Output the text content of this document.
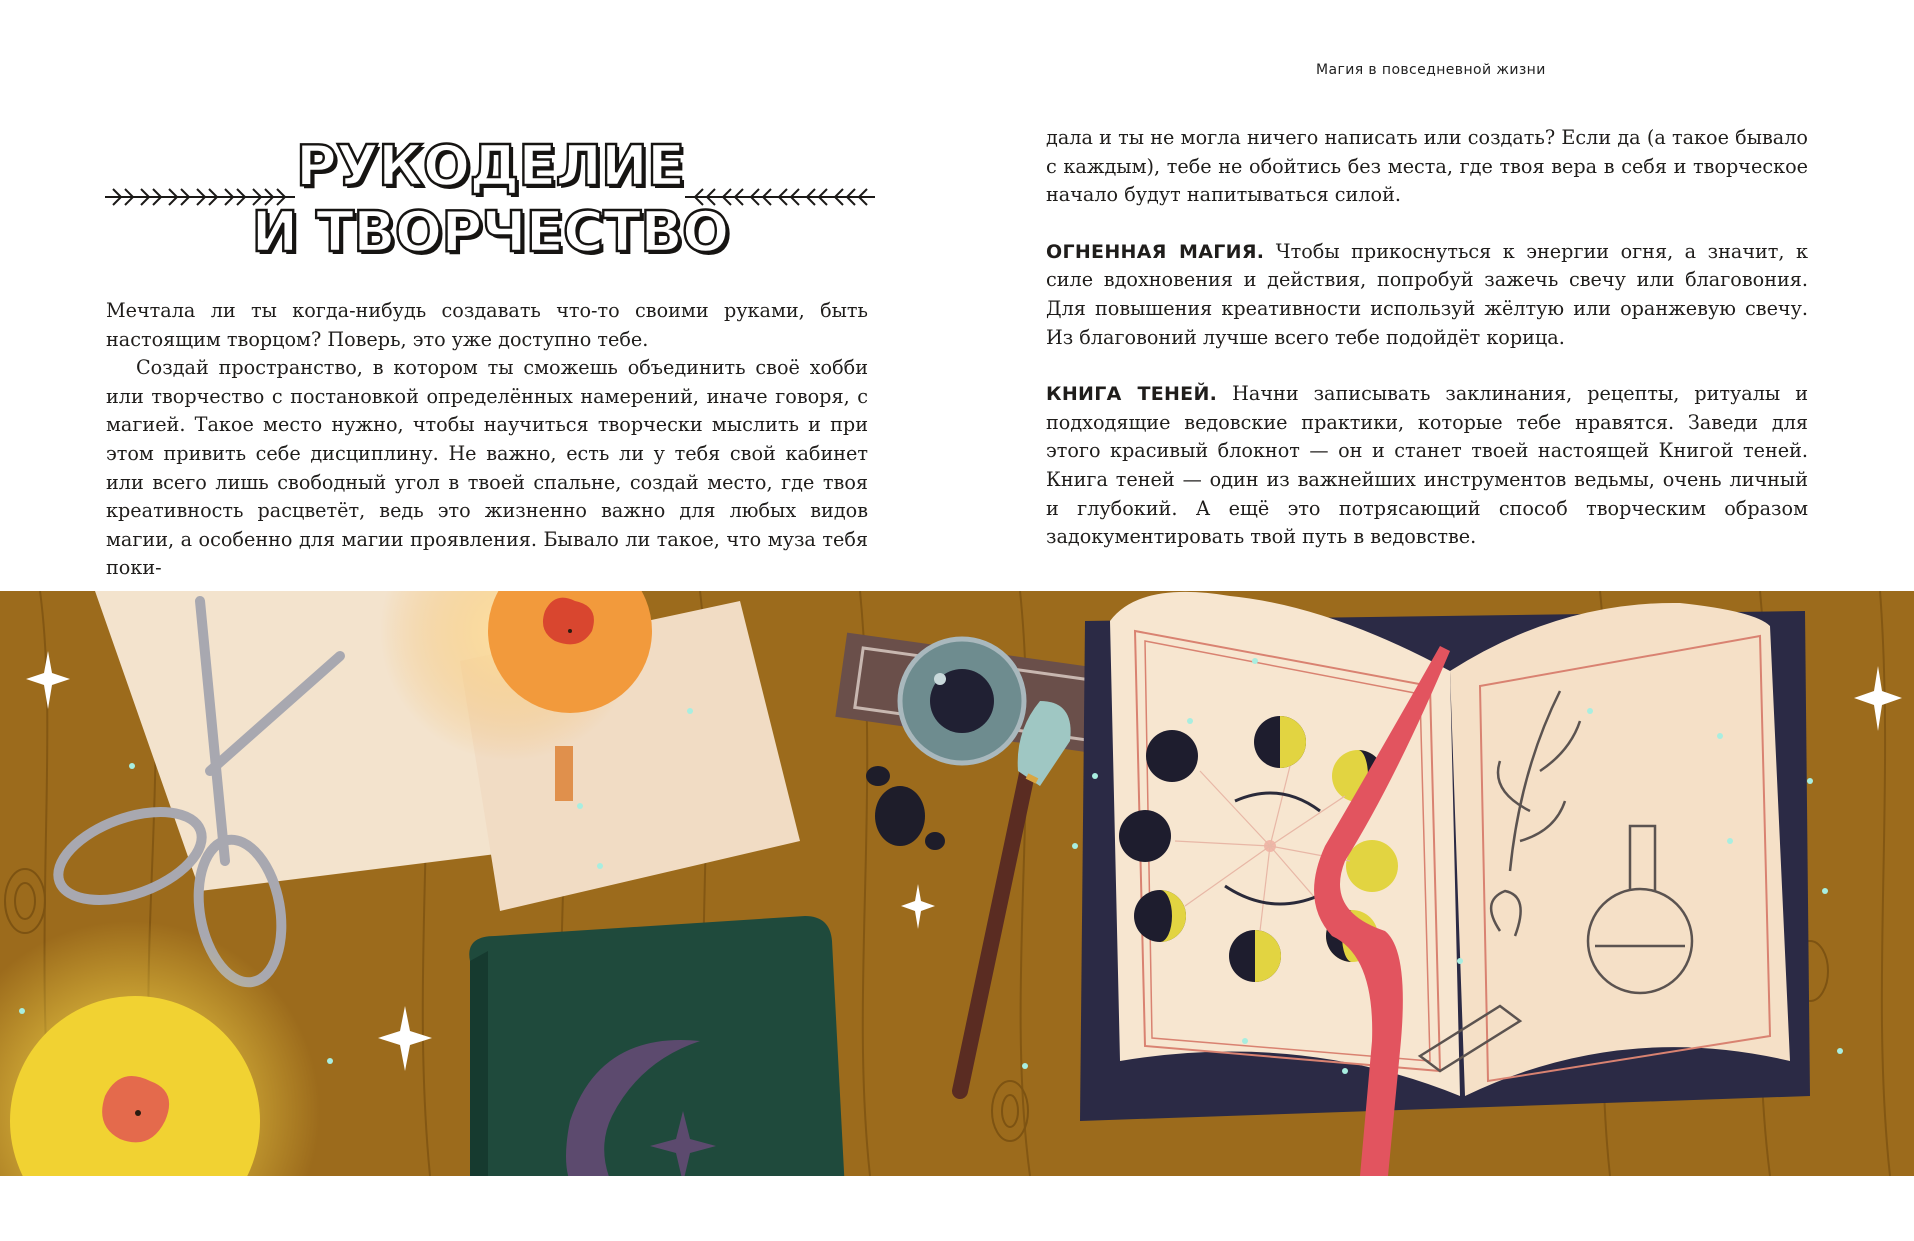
Магия в повседневной жизни
РУКОДЕЛИЕ
И ТВОРЧЕСТВО

Мечтала ли ты когда-нибудь создавать что-то своими руками, быть настоящим творцом? Поверь, это уже доступно тебе.

Создай пространство, в котором ты сможешь объединить своё хобби или творчество с постановкой определённых намерений, иначе говоря, с магией. Такое место нужно, чтобы научиться творчески мыслить и при этом привить себе дисциплину. Не важно, есть ли у тебя свой кабинет или всего лишь свободный угол в твоей спальне, создай место, где твоя креативность расцветёт, ведь это жизненно важно для любых видов магии, а особенно для магии проявления. Бывало ли такое, что муза тебя поки-

дала и ты не могла ничего написать или создать? Если да (а такое бывало с каждым), тебе не обойтись без места, где твоя вера в себя и творческое начало будут напитываться силой.

ОГНЕННАЯ МАГИЯ. Чтобы прикоснуться к энергии огня, а значит, к силе вдохновения и действия, попробуй зажечь свечу или благовония. Для повышения креативности используй жёлтую или оранжевую свечу. Из благовоний лучше всего тебе подойдёт корица.

КНИГА ТЕНЕЙ. Начни записывать заклинания, рецепты, ритуалы и подходящие ведовские практики, которые тебе нравятся. Заведи для этого красивый блокнот — он и станет твоей настоящей Книгой теней. Книга теней — один из важнейших инструментов ведьмы, очень личный и глубокий. А ещё это потрясающий способ творческим образом задокументировать твой путь в ведовстве.
